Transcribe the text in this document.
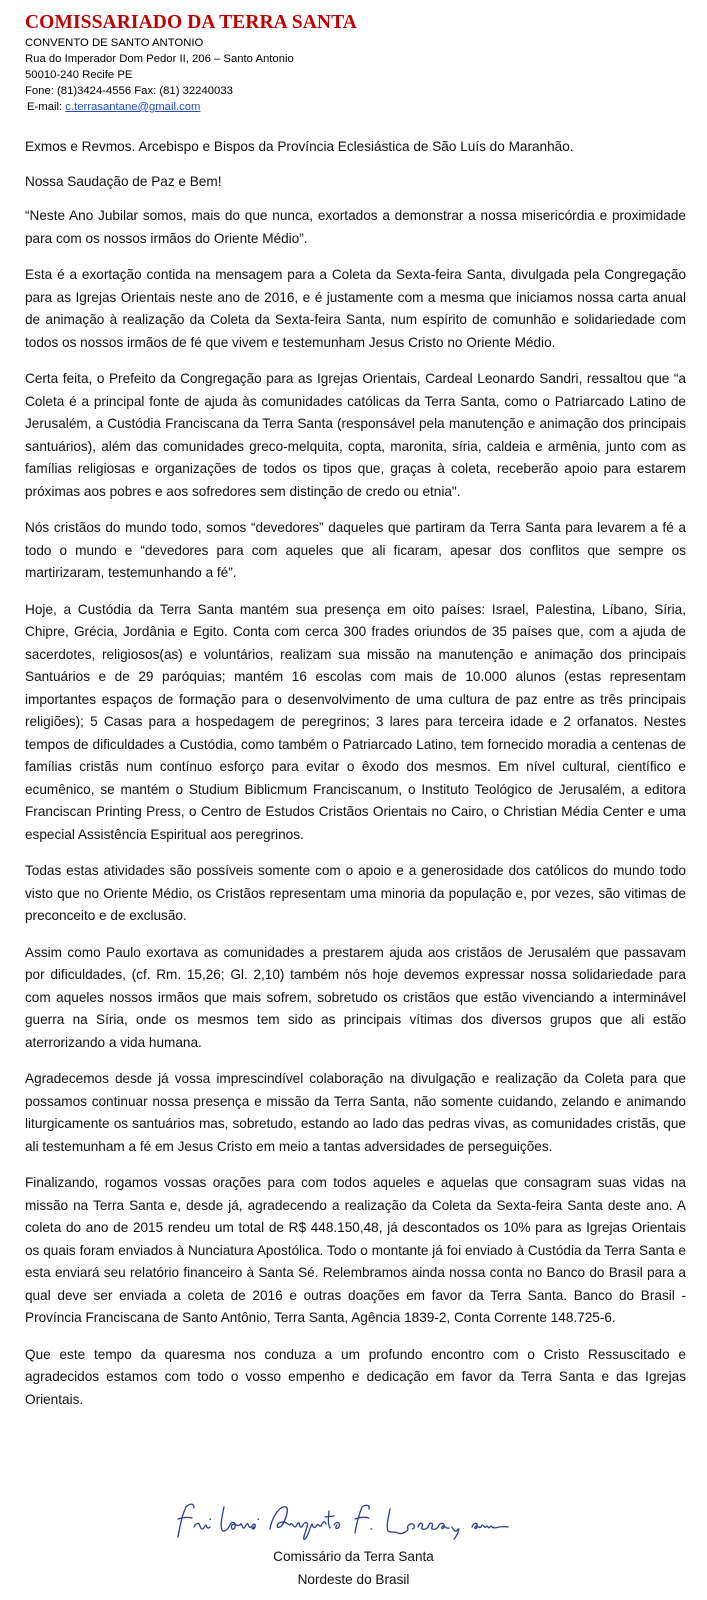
COMISSARIADO DA TERRA SANTA
CONVENTO DE SANTO ANTONIO
Rua do Imperador Dom Pedor II, 206 – Santo Antonio
50010-240 Recife PE
Fone: (81)3424-4556 Fax: (81) 32240033
E-mail: c.terrasantane@gmail.com

Exmos e Revmos. Arcebispo e Bispos da Província Eclesiástica de São Luís do Maranhão.

Nossa Saudação de Paz e Bem!

“Neste Ano Jubilar somos, mais do que nunca, exortados a demonstrar a nossa misericórdia e proximidade para com os nossos irmãos do Oriente Médio”.

Esta é a exortação contida na mensagem para a Coleta da Sexta-feira Santa, divulgada pela Congregação para as Igrejas Orientais neste ano de 2016, e é justamente com a mesma que iniciamos nossa carta anual de animação à realização da Coleta da Sexta-feira Santa, num espírito de comunhão e solidariedade com todos os nossos irmãos de fé que vivem e testemunham Jesus Cristo no Oriente Médio.

Certa feita, o Prefeito da Congregação para as Igrejas Orientais, Cardeal Leonardo Sandri, ressaltou que “a Coleta é a principal fonte de ajuda às comunidades católicas da Terra Santa, como o Patriarcado Latino de Jerusalém, a Custódia Franciscana da Terra Santa (responsável pela manutenção e animação dos principais santuários), além das comunidades greco-melquita, copta, maronita, síria, caldeia e armênia, junto com as famílias religiosas e organizações de todos os tipos que, graças à coleta, receberão apoio para estarem próximas aos pobres e aos sofredores sem distinção de credo ou etnia".

Nós cristãos do mundo todo, somos “devedores” daqueles que partiram da Terra Santa para levarem a fé a todo o mundo e “devedores para com aqueles que ali ficaram, apesar dos conflitos que sempre os martirizaram, testemunhando a fé”.

Hoje, a Custódia da Terra Santa mantém sua presença em oito países: Israel, Palestina, Líbano, Síria, Chipre, Grécia, Jordânia e Egito. Conta com cerca 300 frades oriundos de 35 países que, com a ajuda de sacerdotes, religiosos(as) e voluntários, realizam sua missão na manutenção e animação dos principais Santuários e de 29 paróquias; mantém 16 escolas com mais de 10.000 alunos (estas representam importantes espaços de formação para o desenvolvimento de uma cultura de paz entre as três principais religiões); 5 Casas para a hospedagem de peregrinos; 3 lares para terceira idade e 2 orfanatos. Nestes tempos de dificuldades a Custódia, como também o Patriarcado Latino, tem fornecido moradia a centenas de famílias cristãs num contínuo esforço para evitar o êxodo dos mesmos. Em nível cultural, científico e ecumênico, se mantém o Studium Biblicmum Franciscanum, o Instituto Teológico de Jerusalém, a editora Franciscan Printing Press, o Centro de Estudos Cristãos Orientais no Cairo, o Christian Média Center e uma especial Assistência Espiritual aos peregrinos.

Todas estas atividades são possíveis somente com o apoio e a generosidade dos católicos do mundo todo visto que no Oriente Médio, os Cristãos representam uma minoria da população e, por vezes, são vitimas de preconceito e de exclusão.

Assim como Paulo exortava as comunidades a prestarem ajuda aos cristãos de Jerusalém que passavam por dificuldades, (cf. Rm. 15,26; Gl. 2,10) também nós hoje devemos expressar nossa solidariedade para com aqueles nossos irmãos que mais sofrem, sobretudo os cristãos que estão vivenciando a interminável guerra na Síria, onde os mesmos tem sido as principais vítimas dos diversos grupos que ali estão aterrorizando a vida humana.

Agradecemos desde já vossa imprescindível colaboração na divulgação e realização da Coleta para que possamos continuar nossa presença e missão da Terra Santa, não somente cuidando, zelando e animando liturgicamente os santuários mas, sobretudo, estando ao lado das pedras vivas, as comunidades cristãs, que ali testemunham a fé em Jesus Cristo em meio a tantas adversidades de perseguições.

Finalizando, rogamos vossas orações para com todos aqueles e aquelas que consagram suas vidas na missão na Terra Santa e, desde já, agradecendo a realização da Coleta da Sexta-feira Santa deste ano. A coleta do ano de 2015 rendeu um total de R$ 448.150,48, já descontados os 10% para as Igrejas Orientais os quais foram enviados à Nunciatura Apostólica. Todo o montante já foi enviado à Custódia da Terra Santa e esta enviará seu relatório financeiro à Santa Sé. Relembramos ainda nossa conta no Banco do Brasil para a qual deve ser enviada a coleta de 2016 e outras doações em favor da Terra Santa. Banco do Brasil - Província Franciscana de Santo Antônio, Terra Santa, Agência 1839-2, Conta Corrente 148.725-6.

Que este tempo da quaresma nos conduza a um profundo encontro com o Cristo Ressuscitado e agradecidos estamos com todo o vosso empenho e dedicação em favor da Terra Santa e das Igrejas Orientais.

Comissário da Terra Santa
Nordeste do Brasil
